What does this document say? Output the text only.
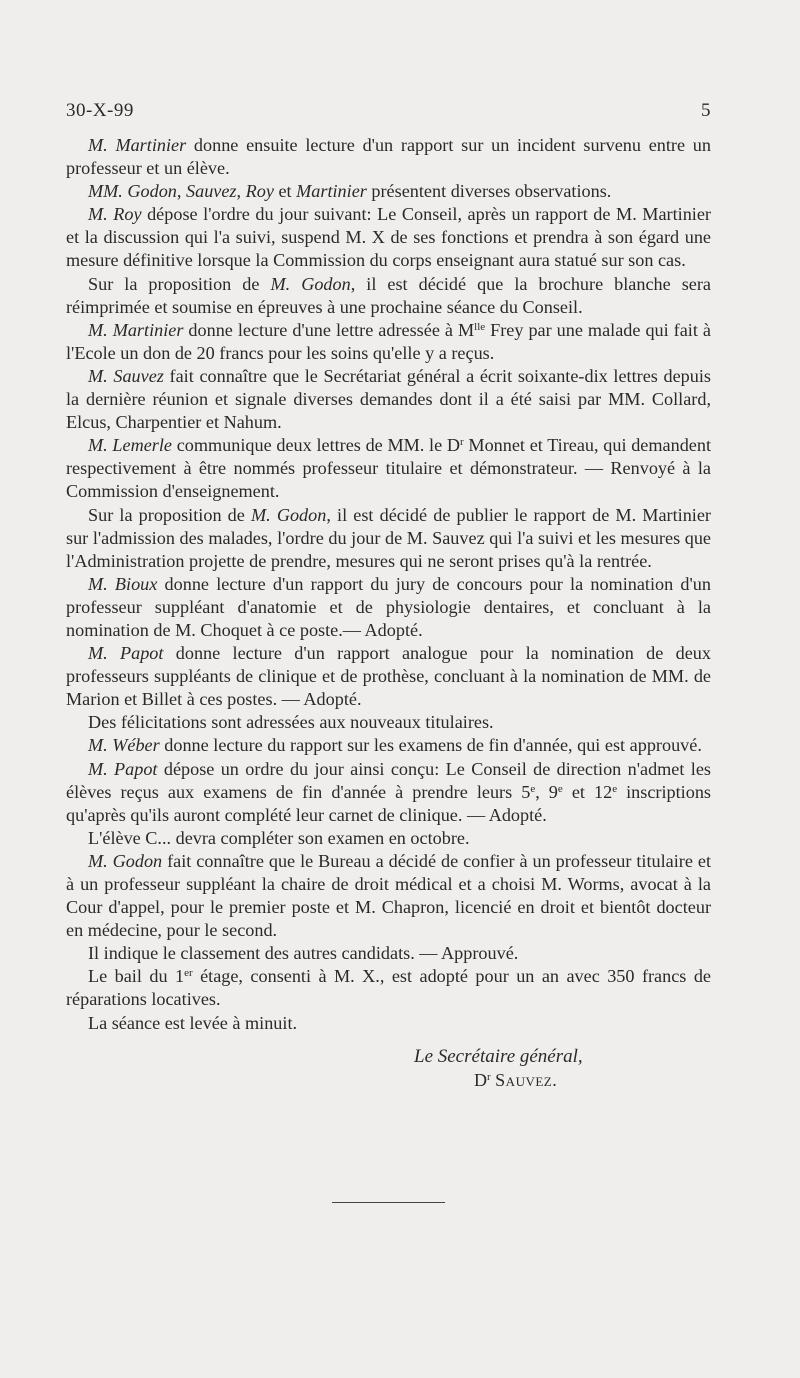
30-X-99	5

M. Martinier donne ensuite lecture d'un rapport sur un incident survenu entre un professeur et un élève.

MM. Godon, Sauvez, Roy et Martinier présentent diverses observations.

M. Roy dépose l'ordre du jour suivant: Le Conseil, après un rapport de M. Martinier et la discussion qui l'a suivi, suspend M. X de ses fonctions et prendra à son égard une mesure définitive lorsque la Commission du corps enseignant aura statué sur son cas.

Sur la proposition de M. Godon, il est décidé que la brochure blanche sera réimprimée et soumise en épreuves à une prochaine séance du Conseil.

M. Martinier donne lecture d'une lettre adressée à $M^{lle}$ Frey par une malade qui fait à l'Ecole un don de 20 francs pour les soins qu'elle y a reçus.

M. Sauvez fait connaître que le Secrétariat général a écrit soixante-dix lettres depuis la dernière réunion et signale diverses demandes dont il a été saisi par MM. Collard, Elcus, Charpentier et Nahum.

M. Lemerle communique deux lettres de MM. le $D^r$ Monnet et Tireau, qui demandent respectivement à être nommés professeur titulaire et démonstrateur. — Renvoyé à la Commission d'enseignement.

Sur la proposition de M. Godon, il est décidé de publier le rapport de M. Martinier sur l'admission des malades, l'ordre du jour de M. Sauvez qui l'a suivi et les mesures que l'Administration projette de prendre, mesures qui ne seront prises qu'à la rentrée.

M. Bioux donne lecture d'un rapport du jury de concours pour la nomination d'un professeur suppléant d'anatomie et de physiologie dentaires, et concluant à la nomination de M. Choquet à ce poste.— Adopté.

M. Papot donne lecture d'un rapport analogue pour la nomination de deux professeurs suppléants de clinique et de prothèse, concluant à la nomination de MM. de Marion et Billet à ces postes. — Adopté.

Des félicitations sont adressées aux nouveaux titulaires.

M. Wéber donne lecture du rapport sur les examens de fin d'année, qui est approuvé.

M. Papot dépose un ordre du jour ainsi conçu: Le Conseil de direction n'admet les élèves reçus aux examens de fin d'année à prendre leurs 5e, 9e et 12e inscriptions qu'après qu'ils auront complété leur carnet de clinique. — Adopté.

L'élève C... devra compléter son examen en octobre.

M. Godon fait connaître que le Bureau a décidé de confier à un professeur titulaire et à un professeur suppléant la chaire de droit médical et a choisi M. Worms, avocat à la Cour d'appel, pour le premier poste et M. Chapron, licencié en droit et bientôt docteur en médecine, pour le second.

Il indique le classement des autres candidats. — Approuvé.

Le bail du 1er étage, consenti à M. X., est adopté pour un an avec 350 francs de réparations locatives.

La séance est levée à minuit.

Le Secrétaire général,
$D^r$ Sauvez.
